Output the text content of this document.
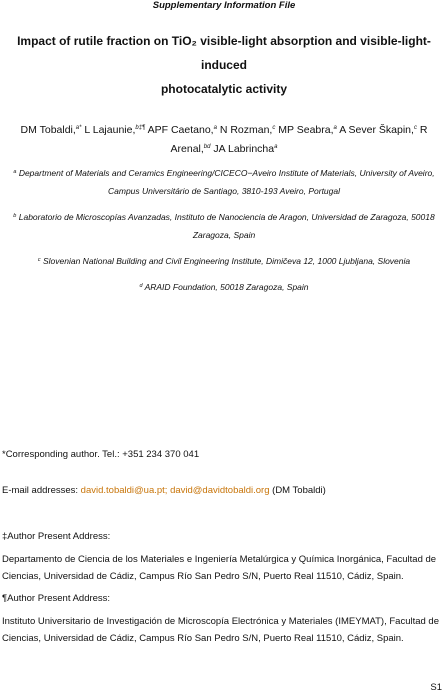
Supplementary Information File
Impact of rutile fraction on TiO₂ visible-light absorption and visible-light-induced
photocatalytic activity
DM Tobaldi,$^{a*}$ L Lajaunie,$^{b\ddagger\P}$ APF Caetano,$^a$ N Rozman,$^c$ MP Seabra,$^a$ A Sever Škapin,$^c$ R Arenal,$^{bd}$ JA Labrincha$^a$
$^a$ Department of Materials and Ceramics Engineering/CICECO−Aveiro Institute of Materials, University of Aveiro,
Campus Universitário de Santiago, 3810-193 Aveiro, Portugal
$^b$ Laboratorio de Microscopías Avanzadas, Instituto de Nanociencia de Aragon, Universidad de Zaragoza, 50018
Zaragoza, Spain
$^c$ Slovenian National Building and Civil Engineering Institute, Dimičeva 12, 1000 Ljubljana, Slovenia
$^d$ ARAID Foundation, 50018 Zaragoza, Spain
*Corresponding author. Tel.: +351 234 370 041
E-mail addresses: david.tobaldi@ua.pt; david@davidtobaldi.org (DM Tobaldi)
‡Author Present Address:
Departamento de Ciencia de los Materiales e Ingeniería Metalúrgica y Química Inorgánica, Facultad de
Ciencias, Universidad de Cádiz, Campus Río San Pedro S/N, Puerto Real 11510, Cádiz, Spain.
¶Author Present Address:
Instituto Universitario de Investigación de Microscopía Electrónica y Materiales (IMEYMAT), Facultad de
Ciencias, Universidad de Cádiz, Campus Río San Pedro S/N, Puerto Real 11510, Cádiz, Spain.
S1
